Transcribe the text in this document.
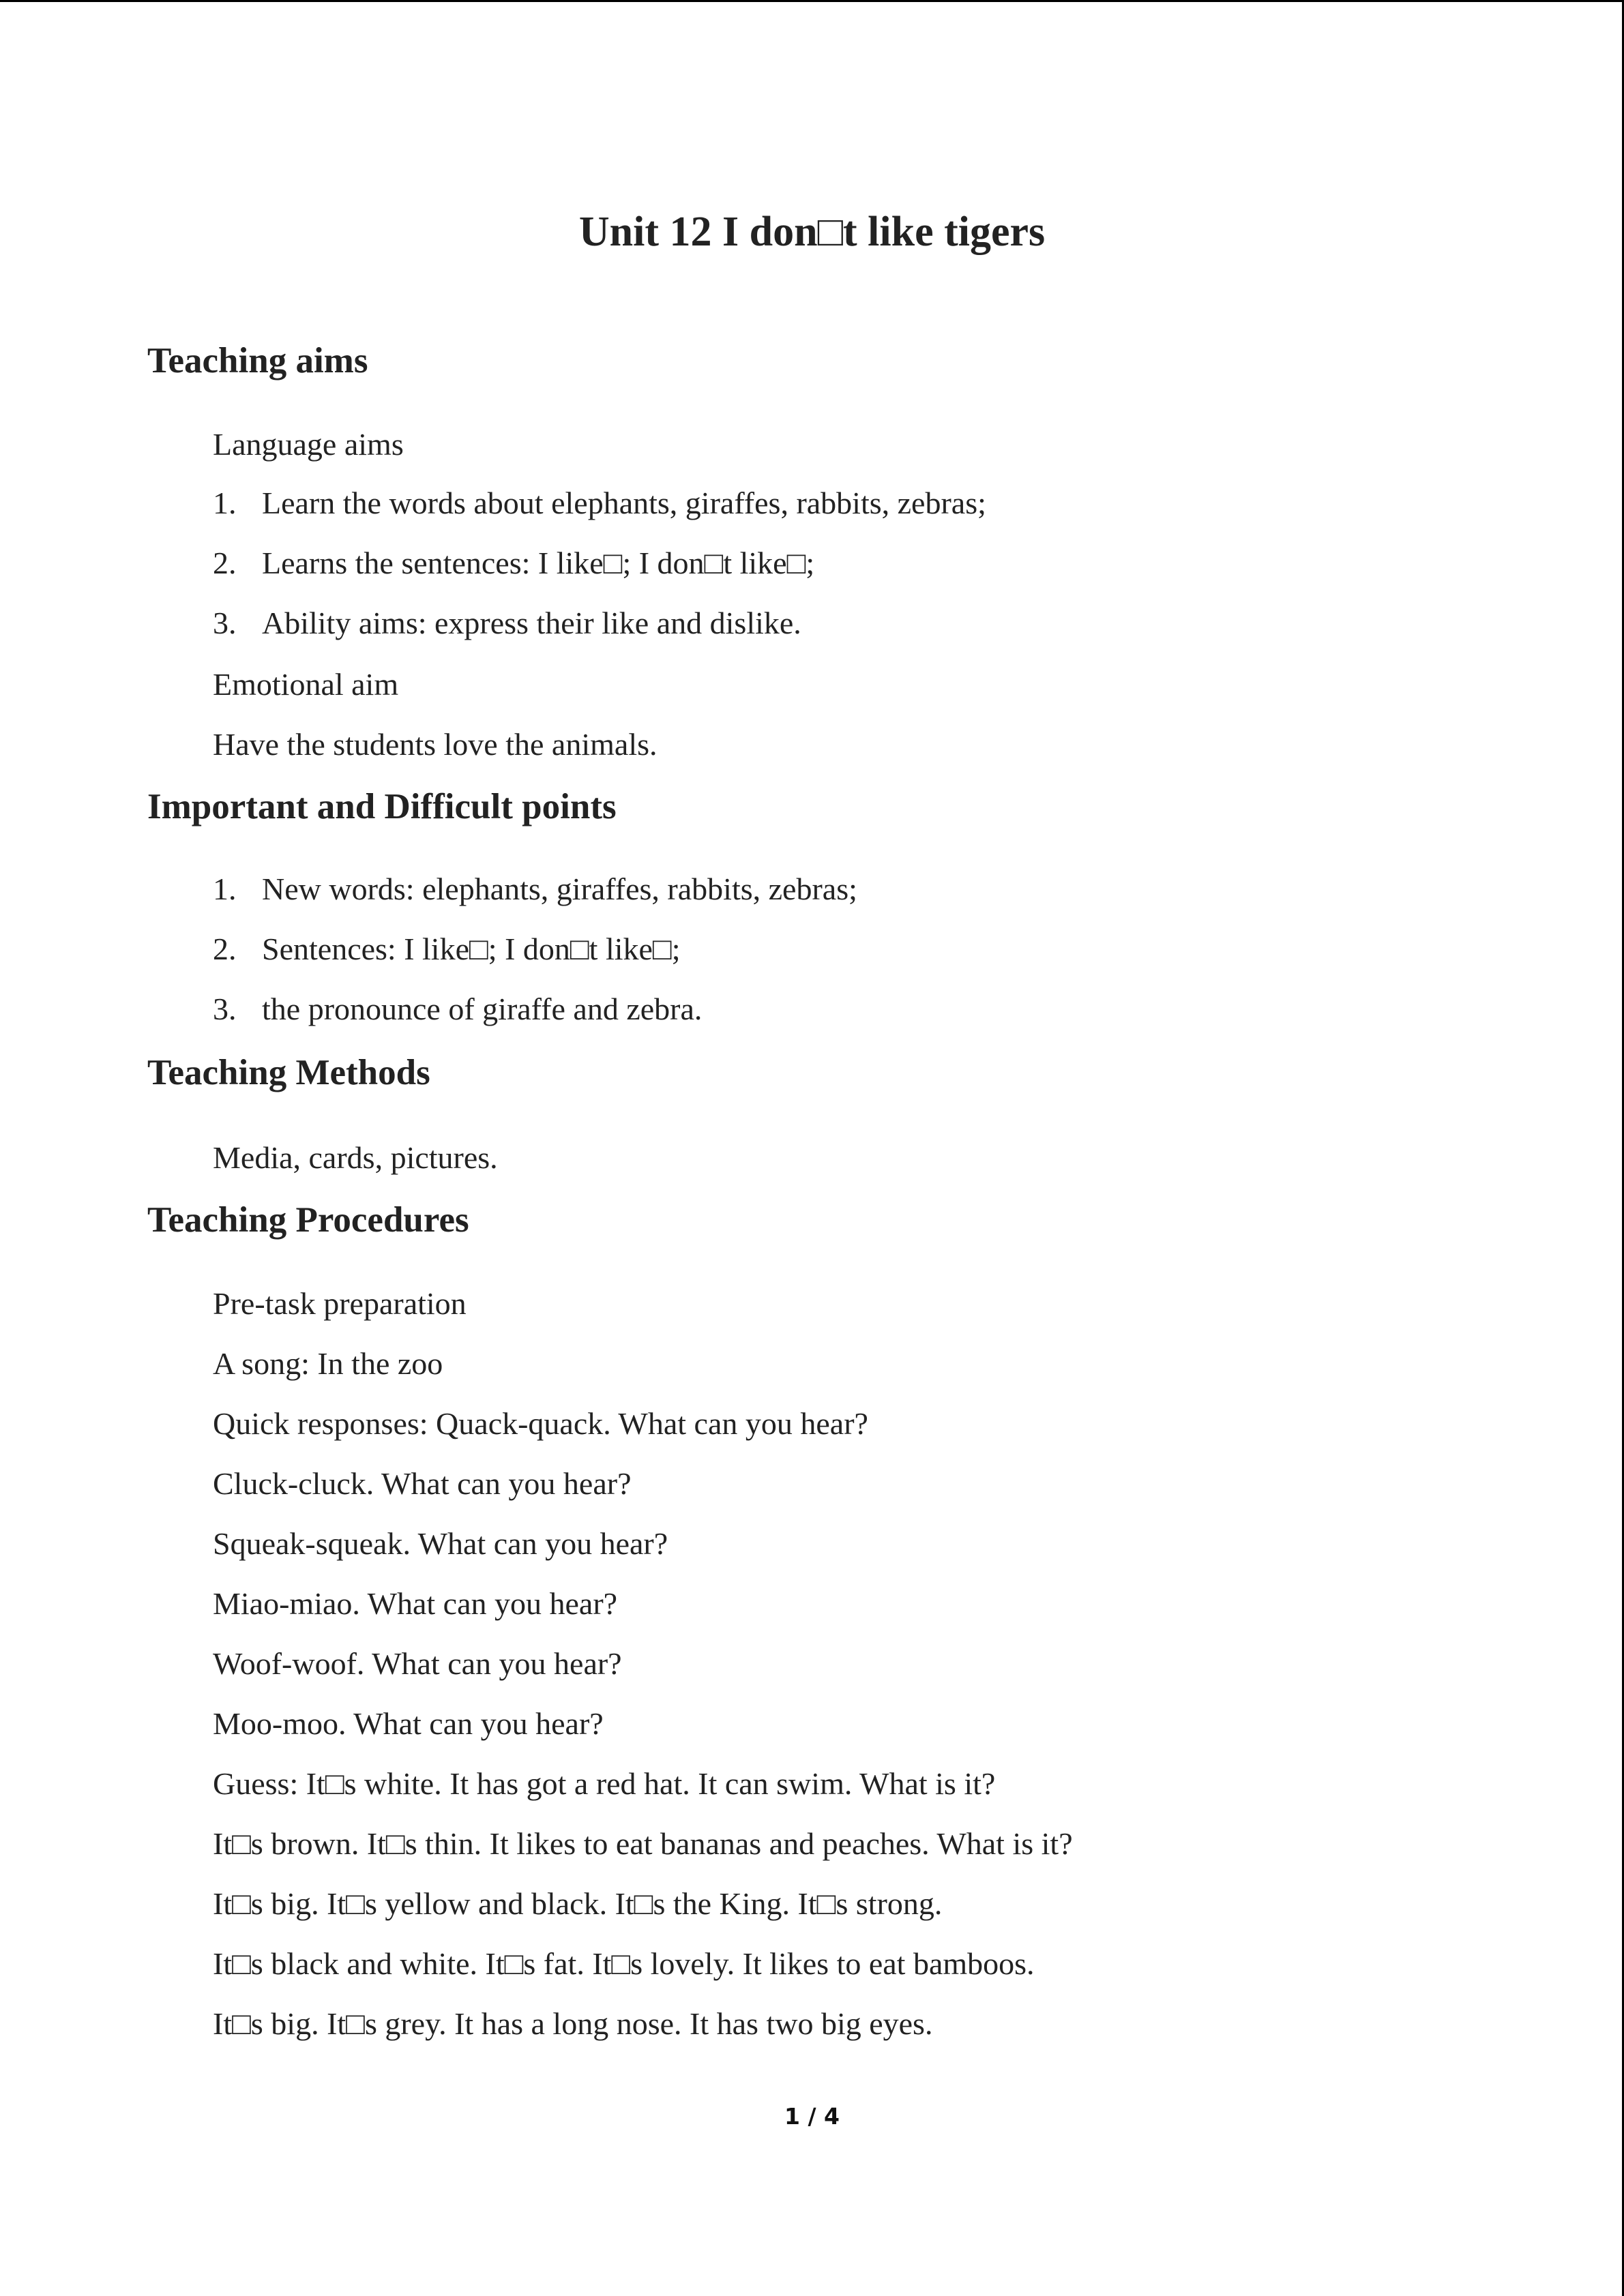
Unit 12 I don□t like tigers
Teaching aims
Language aims
1. Learn the words about elephants, giraffes, rabbits, zebras;
2. Learns the sentences: I like□; I don□t like□;
3. Ability aims: express their like and dislike.
Emotional aim
Have the students love the animals.
Important and Difficult points
1. New words: elephants, giraffes, rabbits, zebras;
2. Sentences: I like□; I don□t like□;
3. the pronounce of giraffe and zebra.
Teaching Methods
Media, cards, pictures.
Teaching Procedures
Pre-task preparation
A song: In the zoo
Quick responses: Quack-quack. What can you hear?
Cluck-cluck. What can you hear?
Squeak-squeak. What can you hear?
Miao-miao. What can you hear?
Woof-woof. What can you hear?
Moo-moo. What can you hear?
Guess: It□s white. It has got a red hat. It can swim. What is it?
It□s brown. It□s thin. It likes to eat bananas and peaches. What is it?
It□s big. It□s yellow and black. It□s the King. It□s strong.
It□s black and white. It□s fat. It□s lovely. It likes to eat bamboos.
It□s big. It□s grey. It has a long nose. It has two big eyes.
1 / 4
